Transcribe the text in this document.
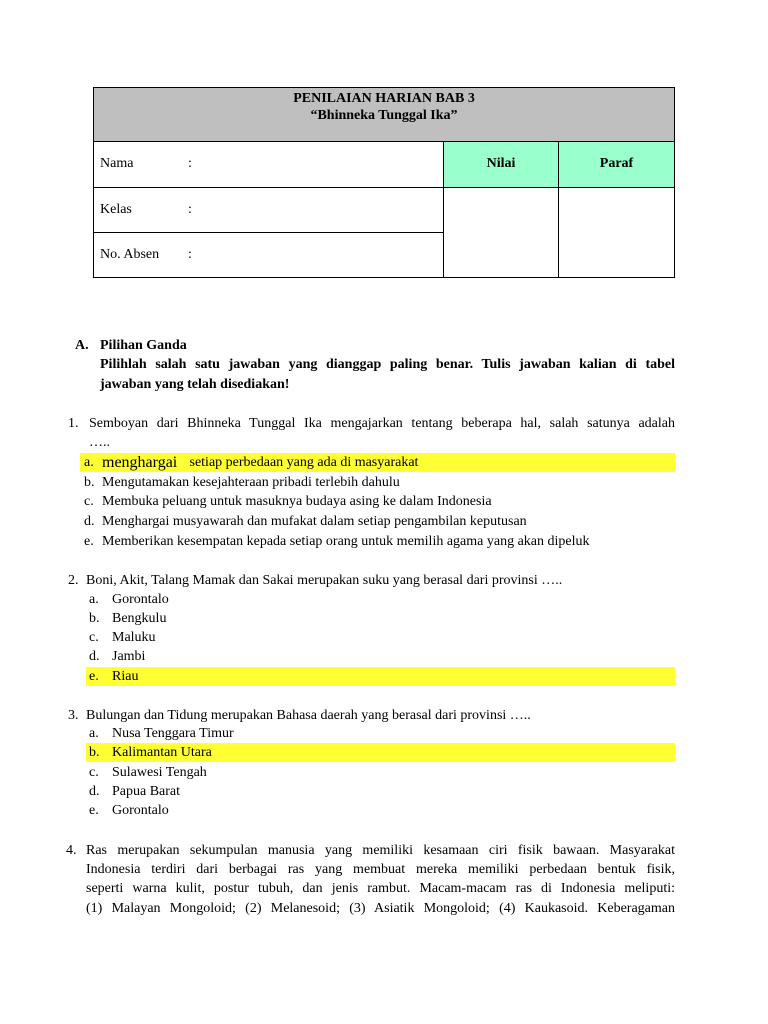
PENILAIAN HARIAN BAB 3
“Bhinneka Tunggal Ika”		

Nama :	Nilai	Paraf
Kelas :		
No. Absen :		
A. Pilihan Ganda
Pilihlah salah satu jawaban yang dianggap paling benar. Tulis jawaban kalian di tabel
jawaban yang telah disediakan!
1. Semboyan dari Bhinneka Tunggal Ika mengajarkan tentang beberapa hal, salah satunya adalah
…..
a. menghargai setiap perbedaan yang ada di masyarakat
b. Mengutamakan kesejahteraan pribadi terlebih dahulu
c. Membuka peluang untuk masuknya budaya asing ke dalam Indonesia
d. Menghargai musyawarah dan mufakat dalam setiap pengambilan keputusan
e. Memberikan kesempatan kepada setiap orang untuk memilih agama yang akan dipeluk
2. Boni, Akit, Talang Mamak dan Sakai merupakan suku yang berasal dari provinsi …..
a. Gorontalo
b. Bengkulu
c. Maluku
d. Jambi
e. Riau
3. Bulungan dan Tidung merupakan Bahasa daerah yang berasal dari provinsi …..
a. Nusa Tenggara Timur
b. Kalimantan Utara
c. Sulawesi Tengah
d. Papua Barat
e. Gorontalo
4. Ras merupakan sekumpulan manusia yang memiliki kesamaan ciri fisik bawaan. Masyarakat
Indonesia terdiri dari berbagai ras yang membuat mereka memiliki perbedaan bentuk fisik,
seperti warna kulit, postur tubuh, dan jenis rambut. Macam-macam ras di Indonesia meliputi:
(1) Malayan Mongoloid; (2) Melanesoid; (3) Asiatik Mongoloid; (4) Kaukasoid. Keberagaman
